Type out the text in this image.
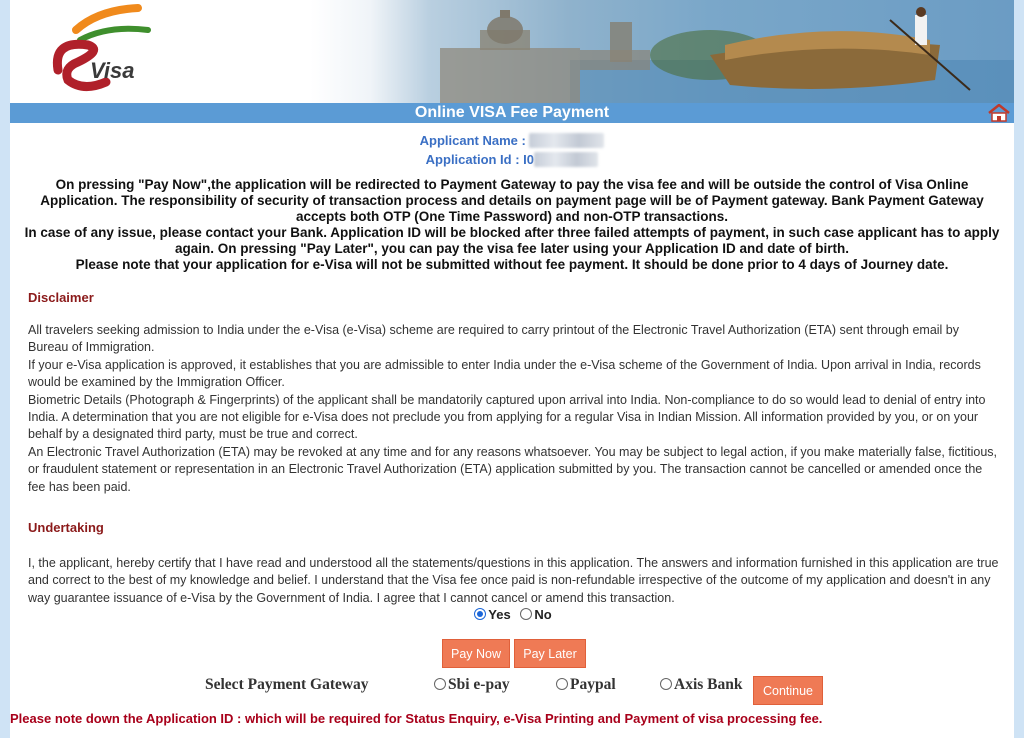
Visa
Online VISA Fee Payment
Applicant Name :
Application Id : I0
On pressing "Pay Now",the application will be redirected to Payment Gateway to pay the visa fee and will be outside the control of Visa Online Application. The responsibility of security of transaction process and details on payment page will be of Payment gateway. Bank Payment Gateway accepts both OTP (One Time Password) and non-OTP transactions.
In case of any issue, please contact your Bank. Application ID will be blocked after three failed attempts of payment, in such case applicant has to apply again. On pressing "Pay Later", you can pay the visa fee later using your Application ID and date of birth.
Please note that your application for e-Visa will not be submitted without fee payment. It should be done prior to 4 days of Journey date.
Disclaimer
All travelers seeking admission to India under the e-Visa (e-Visa) scheme are required to carry printout of the Electronic Travel Authorization (ETA) sent through email by Bureau of Immigration.
If your e-Visa application is approved, it establishes that you are admissible to enter India under the e-Visa scheme of the Government of India. Upon arrival in India, records would be examined by the Immigration Officer.
Biometric Details (Photograph & Fingerprints) of the applicant shall be mandatorily captured upon arrival into India. Non-compliance to do so would lead to denial of entry into India. A determination that you are not eligible for e-Visa does not preclude you from applying for a regular Visa in Indian Mission. All information provided by you, or on your behalf by a designated third party, must be true and correct.
An Electronic Travel Authorization (ETA) may be revoked at any time and for any reasons whatsoever. You may be subject to legal action, if you make materially false, fictitious, or fraudulent statement or representation in an Electronic Travel Authorization (ETA) application submitted by you. The transaction cannot be cancelled or amended once the fee has been paid.
Undertaking
I, the applicant, hereby certify that I have read and understood all the statements/questions in this application. The answers and information furnished in this application are true and correct to the best of my knowledge and belief. I understand that the Visa fee once paid is non-refundable irrespective of the outcome of my application and doesn't in any way guarantee issuance of e-Visa by the Government of India. I agree that I cannot cancel or amend this transaction.
Yes No
Pay Now	Pay Later
Select Payment Gateway	Sbi e-pay	Paypal	Axis Bank	Continue
Please note down the Application ID : which will be required for Status Enquiry, e-Visa Printing and Payment of visa processing fee.
